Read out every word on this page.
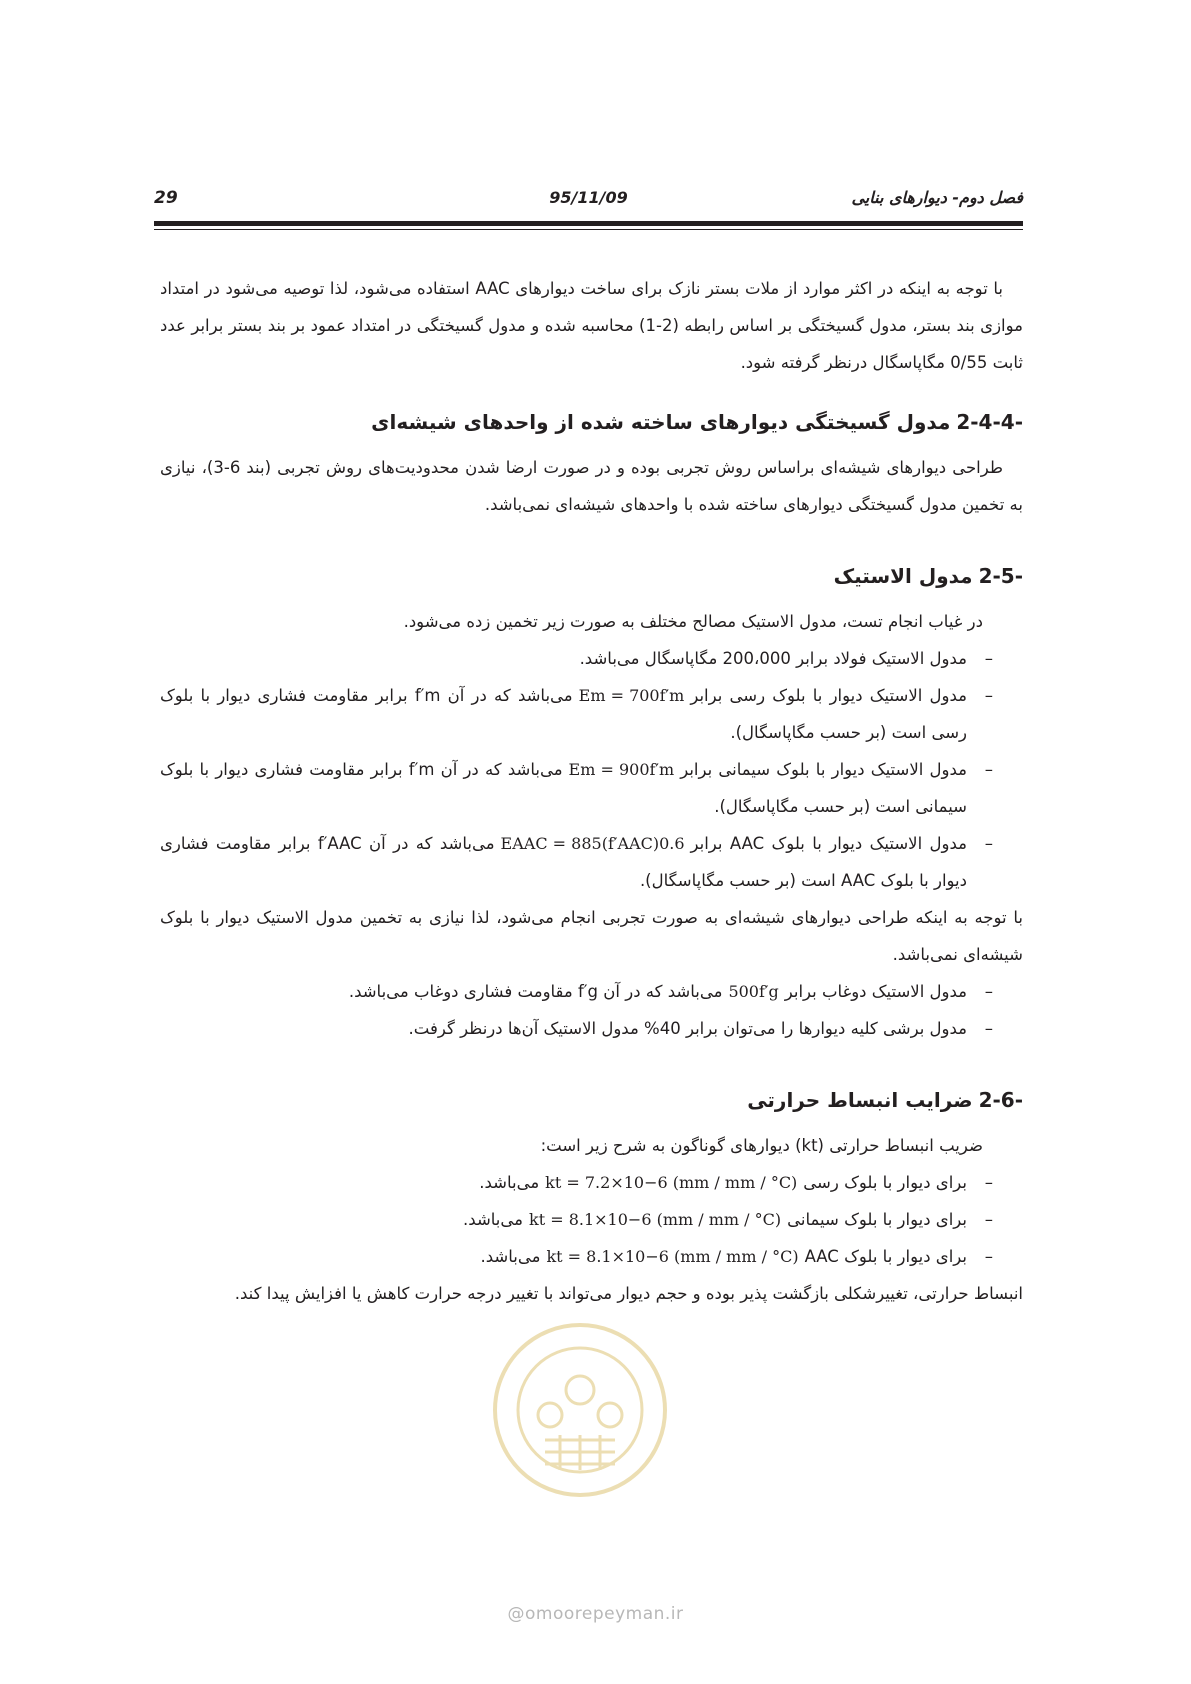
29	95/11/09	فصل دوم- دیوارهای بنایی

با توجه به اینکه در اکثر موارد از ملات بستر نازک برای ساخت دیوارهای AAC استفاده می‌شود، لذا توصیه می‌شود در امتداد موازی بند بستر، مدول گسیختگی بر اساس رابطه (2-1) محاسبه شده و مدول گسیختگی در امتداد عمود بر بند بستر برابر عدد ثابت 0/55 مگاپاسگال درنظر گرفته شود.

2-4-4-مدول گسیختگی دیوارهای ساخته شده از واحدهای شیشه‌ای

طراحی دیوارهای شیشه‌ای براساس روش تجربی بوده و در صورت ارضا شدن محدودیت‌های روش تجربی (بند 6-3)، نیازی به تخمین مدول گسیختگی دیوارهای ساخته شده با واحدهای شیشه‌ای نمی‌باشد.

2-5-مدول الاستیک

در غیاب انجام تست، مدول الاستیک مصالح مختلف به صورت زیر تخمین زده می‌شود.

–
مدول الاستیک فولاد برابر 200،000 مگاپاسگال می‌باشد.
–
مدول الاستیک دیوار با بلوک رسی برابرEm = 700f′mمی‌باشد که در آن f′m برابر مقاومت فشاری دیوار با بلوک رسی است (بر حسب مگاپاسگال).
–
مدول الاستیک دیوار با بلوک سیمانی برابرEm = 900f′mمی‌باشد که در آن f′m برابر مقاومت فشاری دیوار با بلوک سیمانی است (بر حسب مگاپاسگال).
–
مدول الاستیک دیوار با بلوک AAC برابرEAAC = 885(f′AAC)0.6می‌باشد که در آن f′AAC برابر مقاومت فشاری دیوار با بلوک AAC است (بر حسب مگاپاسگال).

با توجه به اینکه طراحی دیوارهای شیشه‌ای به صورت تجربی انجام می‌شود، لذا نیازی به تخمین مدول الاستیک دیوار با بلوک شیشه‌ای نمی‌باشد.

–
مدول الاستیک دوغاب برابر500f′gمی‌باشد که در آن f′g مقاومت فشاری دوغاب می‌باشد.
–
مدول برشی کلیه دیوارها را می‌توان برابر 40% مدول الاستیک آن‌ها درنظر گرفت.
2-6-ضرایب انبساط حرارتی

ضریب انبساط حرارتی (kt) دیوارهای گوناگون به شرح زیر است:

–
برای دیوار با بلوک رسیkt = 7.2×10−6 (mm / mm / °C)می‌باشد.
–
برای دیوار با بلوک سیمانیkt = 8.1×10−6 (mm / mm / °C)می‌باشد.
–
برای دیوار با بلوک AACkt = 8.1×10−6 (mm / mm / °C)می‌باشد.

انبساط حرارتی، تغییرشکلی بازگشت پذیر بوده و حجم دیوار می‌تواند با تغییر درجه حرارت کاهش یا افزایش پیدا کند.

@omoorepeyman.ir
